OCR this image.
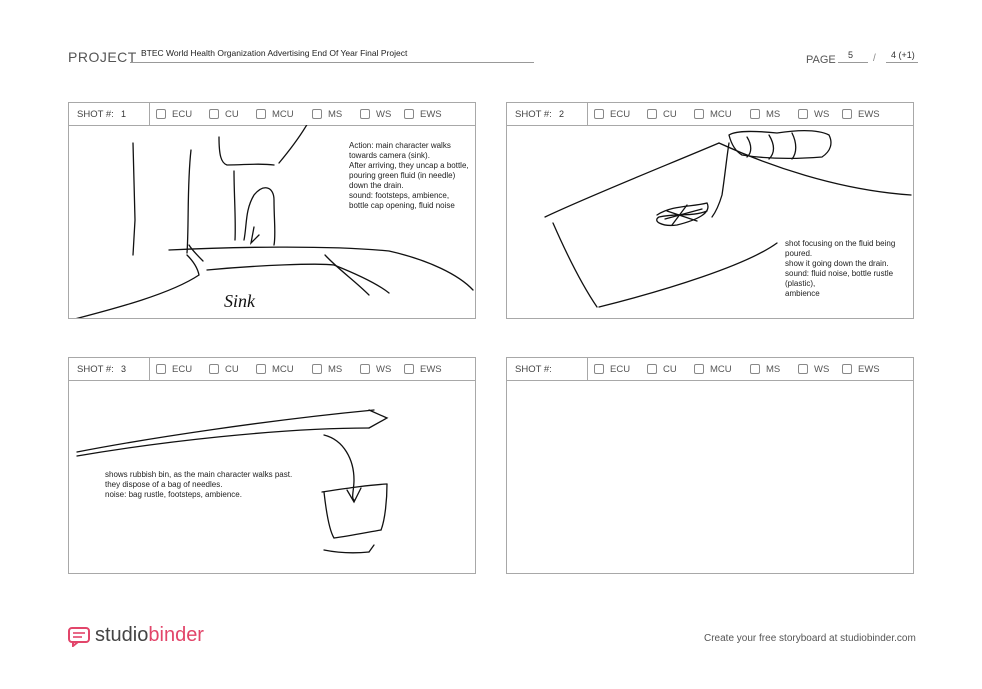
PROJECT BTEC World Health Organization Advertising End Of Year Final Project
PAGE 5 / 4 (+1)
SHOT #: 1	ECU	CU	MCU	MS	WS	EWS
Sink
Action: main character walks
towards camera (sink).
After arriving, they uncap a bottle,
pouring green fluid (in needle)
down the drain.
sound: footsteps, ambience,
bottle cap opening, fluid noise
SHOT #: 2	ECU	CU	MCU	MS	WS	EWS
shot focusing on the fluid being poured.
show it going down the drain.
sound: fluid noise, bottle rustle (plastic),
ambience
SHOT #: 3	ECU	CU	MCU	MS	WS	EWS
shows rubbish bin, as the main character walks past.
they dispose of a bag of needles.
noise: bag rustle, footsteps, ambience.
SHOT #:	ECU	CU	MCU	MS	WS	EWS
studiobinder	Create your free storyboard at studiobinder.com
